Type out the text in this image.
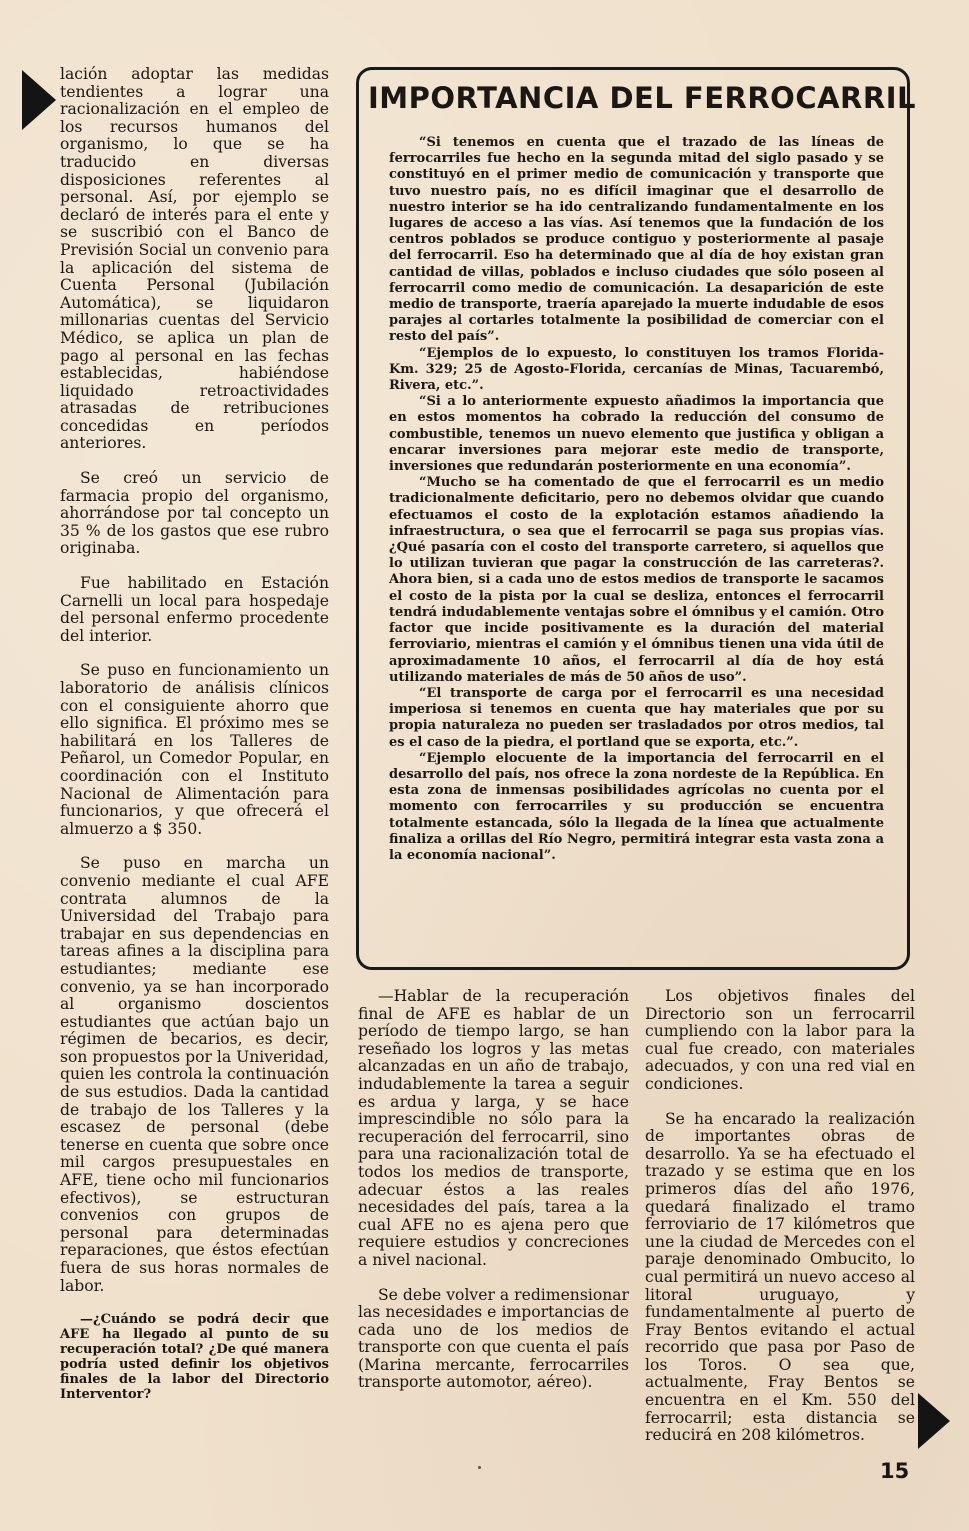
lación adoptar las medidas tendientes a lograr una racionalización en el empleo de los recursos humanos del organismo, lo que se ha traducido en diversas disposiciones referentes al personal. Así, por ejemplo se declaró de interés para el ente y se suscribió con el Banco de Previsión Social un convenio para la aplicación del sistema de Cuenta Personal (Jubilación Automática), se liquidaron millonarias cuentas del Servicio Médico, se aplica un plan de pago al personal en las fechas establecidas, habiéndose liquidado retroactividades atrasadas de retribuciones concedidas en períodos anteriores.

Se creó un servicio de farmacia propio del organismo, ahorrándose por tal concepto un 35 % de los gastos que ese rubro originaba.

Fue habilitado en Estación Carnelli un local para hospedaje del personal enfermo procedente del interior.

Se puso en funcionamiento un laboratorio de análisis clínicos con el consiguiente ahorro que ello significa. El próximo mes se habilitará en los Talleres de Peñarol, un Comedor Popular, en coordinación con el Instituto Nacional de Alimentación para funcionarios, y que ofrecerá el almuerzo a $ 350.

Se puso en marcha un convenio mediante el cual AFE contrata alumnos de la Universidad del Trabajo para trabajar en sus dependencias en tareas afines a la disciplina para estudiantes; mediante ese convenio, ya se han incorporado al organismo doscientos estudiantes que actúan bajo un régimen de becarios, es decir, son propuestos por la Univeridad, quien les controla la continuación de sus estudios. Dada la cantidad de trabajo de los Talleres y la escasez de personal (debe tenerse en cuenta que sobre once mil cargos presupuestales en AFE, tiene ocho mil funcionarios efectivos), se estructuran convenios con grupos de personal para determinadas reparaciones, que éstos efectúan fuera de sus horas normales de labor.

—¿Cuándo se podrá decir que AFE ha llegado al punto de su recuperación total? ¿De qué manera podría usted definir los objetivos finales de la labor del Directorio Interventor?

IMPORTANCIA DEL FERROCARRIL

“Si tenemos en cuenta que el trazado de las líneas de ferrocarriles fue hecho en la segunda mitad del siglo pasado y se constituyó en el primer medio de comunicación y transporte que tuvo nuestro país, no es difícil imaginar que el desarrollo de nuestro interior se ha ido centralizando fundamentalmente en los lugares de acceso a las vías. Así tenemos que la fundación de los centros poblados se produce contiguo y posteriormente al pasaje del ferrocarril. Eso ha determinado que al día de hoy existan gran cantidad de villas, poblados e incluso ciudades que sólo poseen al ferrocarril como medio de comunicación. La desaparición de este medio de transporte, traería aparejado la muerte indudable de esos parajes al cortarles totalmente la posibilidad de comerciar con el resto del país”.

“Ejemplos de lo expuesto, lo constituyen los tramos Florida-Km. 329; 25 de Agosto-Florida, cercanías de Minas, Tacuarembó, Rivera, etc.”.

“Si a lo anteriormente expuesto añadimos la importancia que en estos momentos ha cobrado la reducción del consumo de combustible, tenemos un nuevo elemento que justifica y obligan a encarar inversiones para mejorar este medio de transporte, inversiones que redundarán posteriormente en una economía”.

“Mucho se ha comentado de que el ferrocarril es un medio tradicionalmente deficitario, pero no debemos olvidar que cuando efectuamos el costo de la explotación estamos añadiendo la infraestructura, o sea que el ferrocarril se paga sus propias vías. ¿Qué pasaría con el costo del transporte carretero, si aquellos que lo utilizan tuvieran que pagar la construcción de las carreteras?. Ahora bien, si a cada uno de estos medios de transporte le sacamos el costo de la pista por la cual se desliza, entonces el ferrocarril tendrá indudablemente ventajas sobre el ómnibus y el camión. Otro factor que incide positivamente es la duración del material ferroviario, mientras el camión y el ómnibus tienen una vida útil de aproximadamente 10 años, el ferrocarril al día de hoy está utilizando materiales de más de 50 años de uso”.

“El transporte de carga por el ferrocarril es una necesidad imperiosa si tenemos en cuenta que hay materiales que por su propia naturaleza no pueden ser trasladados por otros medios, tal es el caso de la piedra, el portland que se exporta, etc.”.

“Ejemplo elocuente de la importancia del ferrocarril en el desarrollo del país, nos ofrece la zona nordeste de la República. En esta zona de inmensas posibilidades agrícolas no cuenta por el momento con ferrocarriles y su producción se encuentra totalmente estancada, sólo la llegada de la línea que actualmente finaliza a orillas del Río Negro, permitirá integrar esta vasta zona a la economía nacional”.

—Hablar de la recuperación final de AFE es hablar de un período de tiempo largo, se han reseñado los logros y las metas alcanzadas en un año de trabajo, indudablemente la tarea a seguir es ardua y larga, y se hace imprescindible no sólo para la recuperación del ferrocarril, sino para una racionalización total de todos los medios de transporte, adecuar éstos a las reales necesidades del país, tarea a la cual AFE no es ajena pero que requiere estudios y concreciones a nivel nacional.

Se debe volver a redimensionar las necesidades e importancias de cada uno de los medios de transporte con que cuenta el país (Marina mercante, ferrocarriles transporte automotor, aéreo).

Los objetivos finales del Directorio son un ferrocarril cumpliendo con la labor para la cual fue creado, con materiales adecuados, y con una red vial en condiciones.

Se ha encarado la realización de importantes obras de desarrollo. Ya se ha efectuado el trazado y se estima que en los primeros días del año 1976, quedará finalizado el tramo ferroviario de 17 kilómetros que une la ciudad de Mercedes con el paraje denominado Ombucito, lo cual permitirá un nuevo acceso al litoral uruguayo, y fundamentalmente al puerto de Fray Bentos evitando el actual recorrido que pasa por Paso de los Toros. O sea que, actualmente, Fray Bentos se encuentra en el Km. 550 del ferrocarril; esta distancia se reducirá en 208 kilómetros.

15
